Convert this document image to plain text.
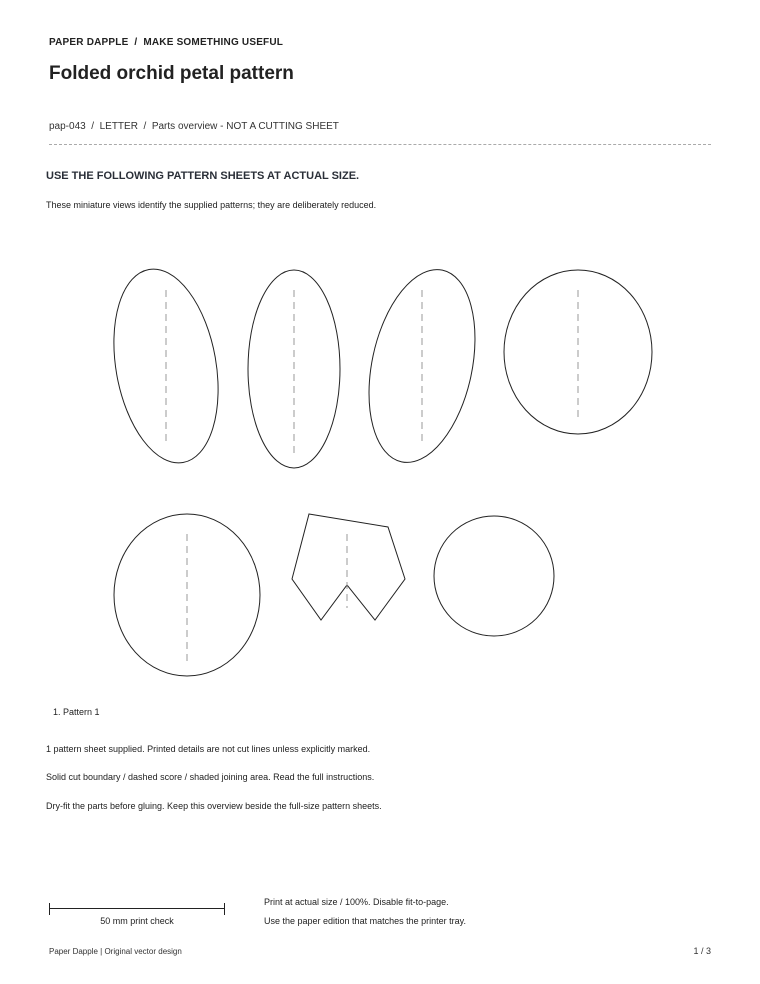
PAPER DAPPLE  /  MAKE SOMETHING USEFUL
Folded orchid petal pattern
pap-043  /  LETTER  /  Parts overview - NOT A CUTTING SHEET
USE THE FOLLOWING PATTERN SHEETS AT ACTUAL SIZE.
These miniature views identify the supplied patterns; they are deliberately reduced.
1. Pattern 1
1 pattern sheet supplied. Printed details are not cut lines unless explicitly marked.
Solid cut boundary / dashed score / shaded joining area. Read the full instructions.
Dry-fit the parts before gluing. Keep this overview beside the full-size pattern sheets.
50 mm print check
Print at actual size / 100%. Disable fit-to-page.
Use the paper edition that matches the printer tray.
Paper Dapple | Original vector design	1 / 3
